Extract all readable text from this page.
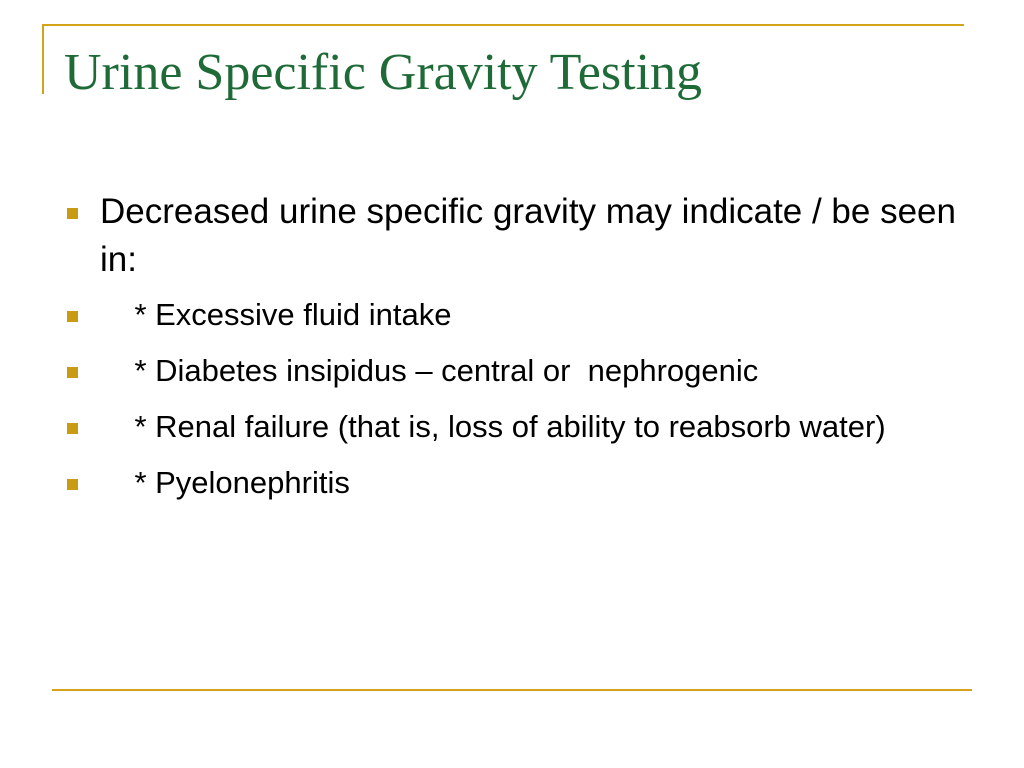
Urine Specific Gravity Testing
Decreased urine specific gravity may indicate / be seen in:
* Excessive fluid intake
* Diabetes insipidus – central or  nephrogenic
* Renal failure (that is, loss of ability to reabsorb water)
* Pyelonephritis
